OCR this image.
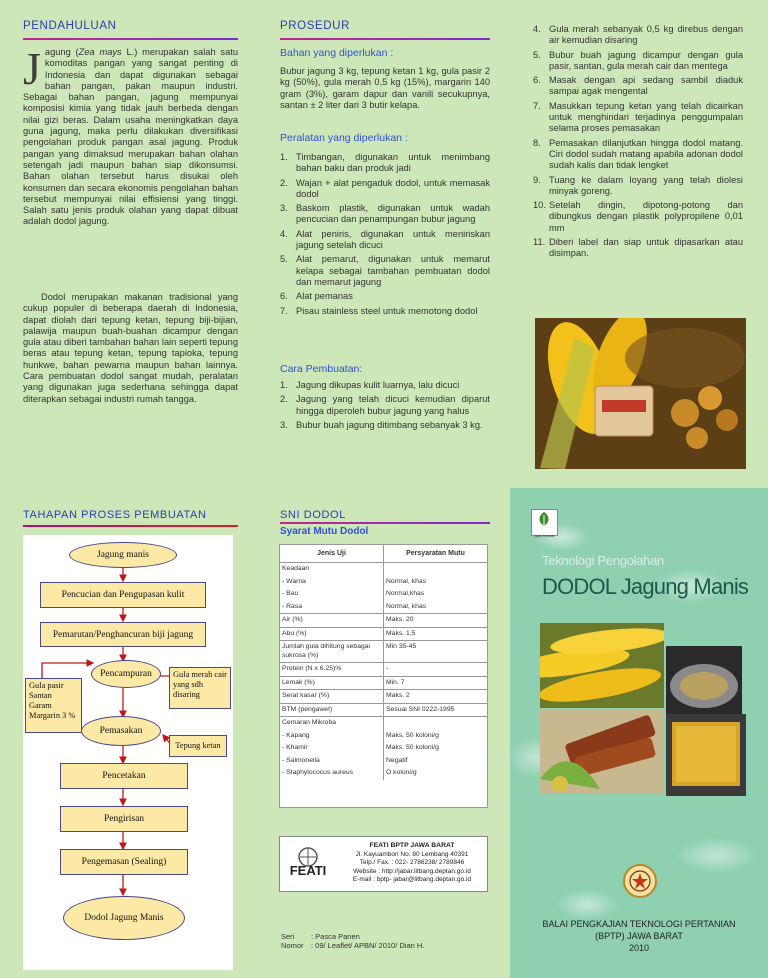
PENDAHULUAN
Jagung (Zea mays L.) merupakan salah satu komoditas pangan yang sangat penting di Indonesia dan dapat digunakan sebagai bahan pangan, pakan maupun industri. Sebagai bahan pangan, jagung mempunyai komposisi kimia yang tidak jauh berbeda dengan nilai gizi beras. Dalam usaha meningkatkan daya guna jagung, maka perlu dilakukan diversifikasi pengolahan produk pangan asal jagung. Produk pangan yang dimaksud merupakan bahan olahan setengah jadi maupun bahan siap dikonsumsi. Bahan olahan tersebut harus disukai oleh konsumen dan secara ekonomis pengolahan bahan tersebut mempunyai nilai effisiensi yang tinggi. Salah satu jenis produk olahan yang dapat dibuat adalah dodol jagung.
Dodol merupakan makanan tradisional yang cukup populer di beberapa daerah di Indonesia, dapat diolah dari tepung ketan, tepung biji-bijian, palawija maupun buah-buahan dicampur dengan gula atau diberi tambahan bahan lain seperti tepung beras atau tepung ketan, tepung tapioka, tepung hunkwe, bahan pewarna maupun bahan lainnya. Cara pembuatan dodol sangat mudah, peralatan yang digunakan juga sederhana sehingga dapat diterapkan sebagai industri rumah tangga.
PROSEDUR
Bahan yang diperlukan :
Bubur jagung 3 kg, tepung ketan 1 kg, gula pasir 2 kg (50%), gula merah 0,5 kg (15%), margarin 140 gram (3%), garam dapur dan vanili secukupnya, santan ± 2 liter dari 3 butir kelapa.
Peralatan yang diperlukan :
1. Timbangan, digunakan untuk menimbang bahan baku dan produk jadi
2. Wajan + alat pengaduk dodol, untuk memasak dodol
3. Baskom plastik, digunakan untuk wadah pencucian dan penampungan bubur jagung
4. Alat peniris, digunakan untuk meniriskan jagung setelah dicuci
5. Alat pemarut, digunakan untuk memarut kelapa sebagai tambahan pembuatan dodol dan memarut jagung
6. Alat pemanas
7. Pisau stainless steel untuk memotong dodol
Cara Pembuatan:
1. Jagung dikupas kulit luarnya, lalu dicuci
2. Jagung yang telah dicuci kemudian diparut hingga diperoleh bubur jagung yang halus
3. Bubur buah jagung ditimbang sebanyak 3 kg.
4. Gula merah sebanyak 0,5 kg direbus dengan air kemudian disaring
5. Bubur buah jagung dicampur dengan gula pasir, santan, gula merah cair dan mentega
6. Masak dengan api sedang sambil diaduk sampai agak mengental
7. Masukkan tepung ketan yang telah dicairkan untuk menghindari terjadinya penggumpalan selama proses pemasakan
8. Pemasakan dilanjutkan hingga dodol matang. Ciri dodol sudah matang apabila adonan dodol sudah kalis dan tidak lengket
9. Tuang ke dalam loyang yang telah diolesi minyak goreng.
10. Setelah dingin, dipotong-potong dan dibungkus dengan plastik polypropilene 0,01 mm
11. Diberi label dan siap untuk dipasarkan atau disimpan.
TAHAPAN PROSES PEMBUATAN
Jagung manis
Pencucian dan Pengupasan kulit
Pemarutan/Penghancuran biji jagung
Pencampuran
Pemasakan
Pencetakan
Pengirisan
Pengemasan (Sealing)
Dodol Jagung Manis
Gula pasir
Santan
Garam
Margarin 3 %
Gula merah cair yang sdh disaring
Tepung ketan
SNI DODOL
Syarat Mutu Dodol
Jenis Uji	Persyaratan Mutu
Keadaan	
- Warna	Normal, khas
- Bau	Normal,khas
- Rasa	Normal, khas
Air (%)	Maks. 20
Abu (%)	Maks. 1,5
Jumlah gula dihitung sebagai sukrosa (%)	Min 35-45
Protein (N x 6,25)%	-
Lemak (%)	Min. 7
Serat kasar (%)	Maks. 2
BTM (pengawet)	Sesuai SNI 0222-1995
Cemaran Mikroba	
- Kapang	Maks. 50 koloni/g
- Khamir	Maks. 50 koloni/g
- Salmonella	Negatif
- Staphylococus aureus	O koloni/g
FEATI
FEATI BPTP JAWA BARAT
Jl. Kayuambon No. 80 Lembang 40391
Telp./ Fax. : 022- 2786238/ 2789846
Website : http://jabar.litbang.deptan.go.id
E-mail : bptp- jabar@litbang.deptan.go.id
Seri : Pasca Panen
Nomor : 09/ Leaflet/ APBN/ 2010/ Dian H.
Agro Inovasi
Teknologi Pengolahan
DODOL Jagung Manis
BALAI PENGKAJIAN TEKNOLOGI PERTANIAN
(BPTP) JAWA BARAT
2010
